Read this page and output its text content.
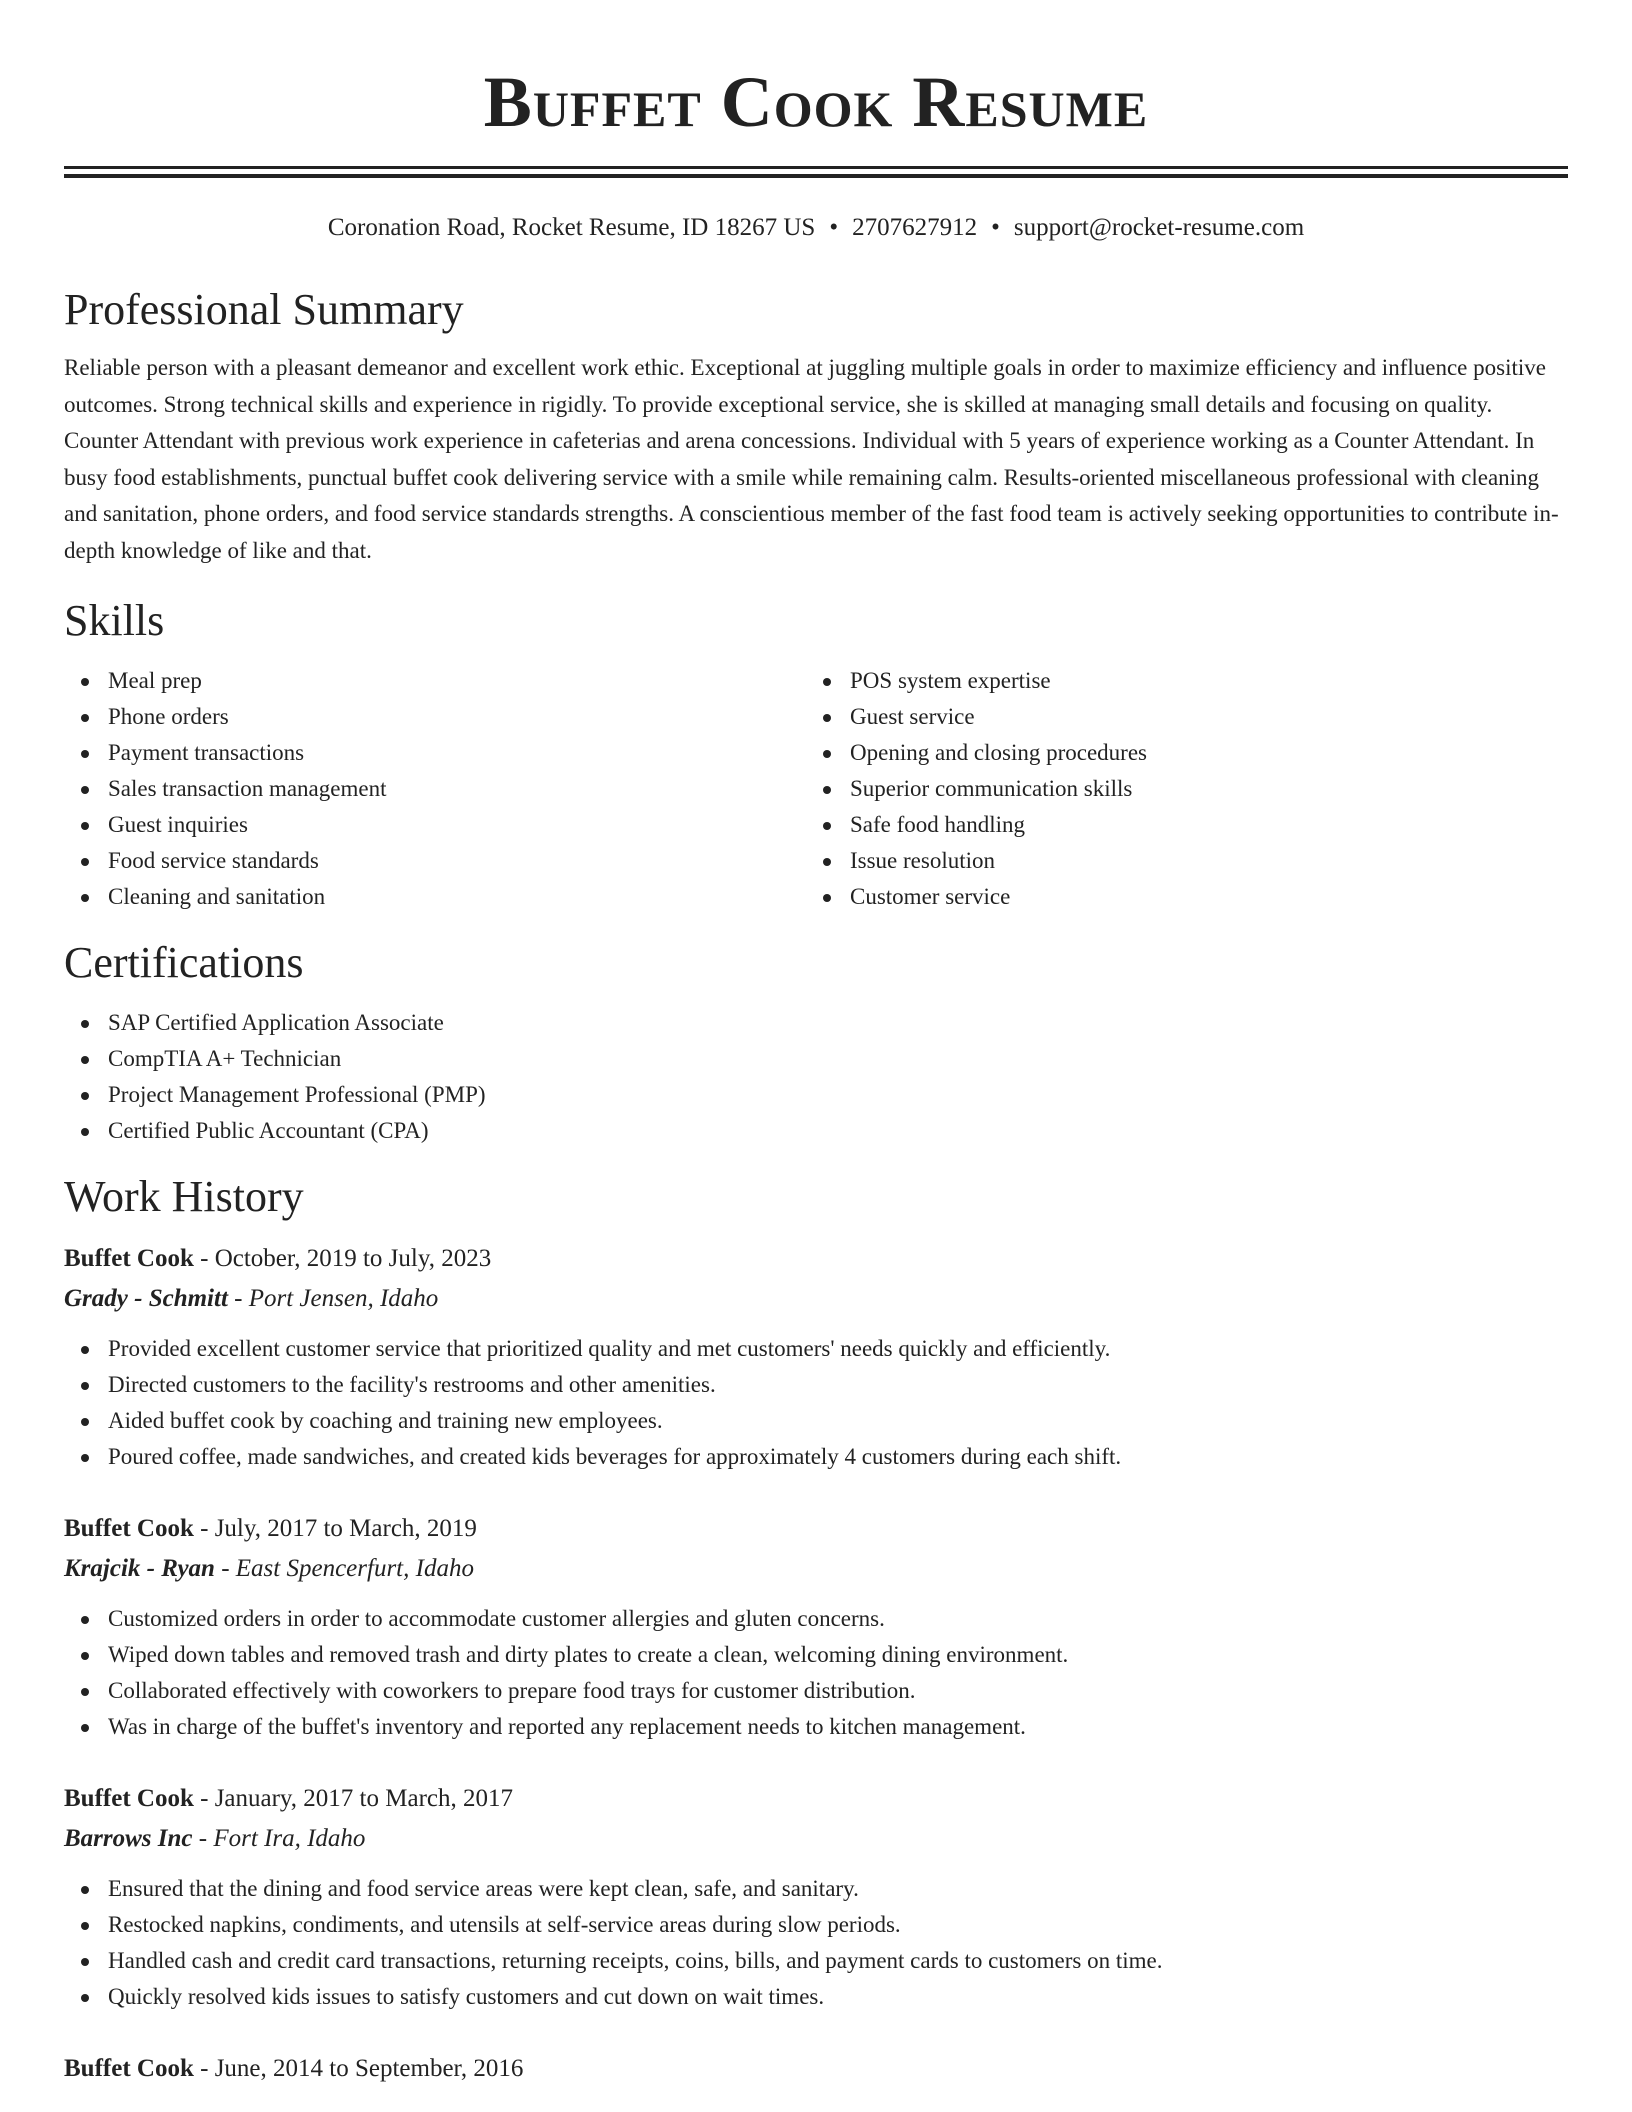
Buffet Cook Resume
Coronation Road, Rocket Resume, ID 18267 US • 2707627912 • support@rocket-resume.com
Professional Summary

Reliable person with a pleasant demeanor and excellent work ethic. Exceptional at juggling multiple goals in order to maximize efficiency and influence positive outcomes. Strong technical skills and experience in rigidly. To provide exceptional service, she is skilled at managing small details and focusing on quality. Counter Attendant with previous work experience in cafeterias and arena concessions. Individual with 5 years of experience working as a Counter Attendant. In busy food establishments, punctual buffet cook delivering service with a smile while remaining calm. Results-oriented miscellaneous professional with cleaning and sanitation, phone orders, and food service standards strengths. A conscientious member of the fast food team is actively seeking opportunities to contribute in-depth knowledge of like and that.

Skills
Meal prep
Phone orders
Payment transactions
Sales transaction management
Guest inquiries
Food service standards
Cleaning and sanitation
POS system expertise
Guest service
Opening and closing procedures
Superior communication skills
Safe food handling
Issue resolution
Customer service
Certifications
SAP Certified Application Associate
CompTIA A+ Technician
Project Management Professional (PMP)
Certified Public Accountant (CPA)
Work History
Buffet Cook - October, 2019 to July, 2023
Grady - Schmitt - Port Jensen, Idaho
Provided excellent customer service that prioritized quality and met customers' needs quickly and efficiently.
Directed customers to the facility's restrooms and other amenities.
Aided buffet cook by coaching and training new employees.
Poured coffee, made sandwiches, and created kids beverages for approximately 4 customers during each shift.
Buffet Cook - July, 2017 to March, 2019
Krajcik - Ryan - East Spencerfurt, Idaho
Customized orders in order to accommodate customer allergies and gluten concerns.
Wiped down tables and removed trash and dirty plates to create a clean, welcoming dining environment.
Collaborated effectively with coworkers to prepare food trays for customer distribution.
Was in charge of the buffet's inventory and reported any replacement needs to kitchen management.
Buffet Cook - January, 2017 to March, 2017
Barrows Inc - Fort Ira, Idaho
Ensured that the dining and food service areas were kept clean, safe, and sanitary.
Restocked napkins, condiments, and utensils at self-service areas during slow periods.
Handled cash and credit card transactions, returning receipts, coins, bills, and payment cards to customers on time.
Quickly resolved kids issues to satisfy customers and cut down on wait times.
Buffet Cook - June, 2014 to September, 2016
